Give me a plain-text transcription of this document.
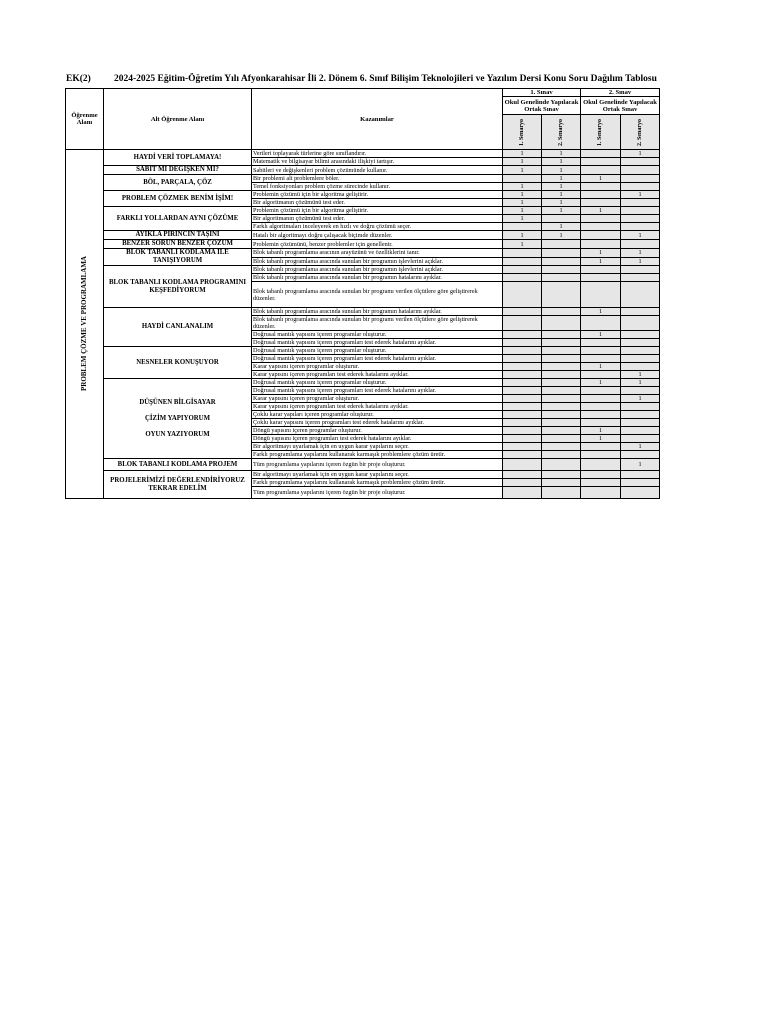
EK(2) 2024-2025 Eğitim-Öğretim Yılı Afyonkarahisar İli 2. Dönem 6. Sınıf Bilişim Teknolojileri ve Yazılım Dersi Konu Soru Dağılım Tablosu
Öğrenme Alanı	Alt Öğrenme Alanı	Kazanımlar	1. Sınav		2. Sınav	
			Okul Genelinde Yapılacak Ortak Sınav		Okul Genelinde Yapılacak Ortak Sınav	

			1. Senaryo	2. Senaryo	1. Senaryo	2. Senaryo

PROBLEM ÇÖZME VE PROGRAMLAMA	HAYDİ VERİ TOPLAMAYA!	Verileri toplayarak türlerine göre sınıflandırır.	1	1		1
		Matematik ve bilgisayar bilimi arasındaki ilişkiyi tartışır.	1	1		
	SABİT Mİ DEĞİŞKEN Mİ?	Sabitleri ve değişkenleri problem çözümünde kullanır.	1	1		
	BÖL, PARÇALA, ÇÖZ	Bir problemi alt problemlere böler.		1	1	
		Temel fonksiyonları problem çözme sürecinde kullanır.	1	1		
	PROBLEM ÇÖZMEK BENİM İŞİM!	Problemin çözümü için bir algoritma geliştirir.	1	1		1
		Bir algoritmanın çözümünü test eder.	1	1		
	FARKLI YOLLARDAN AYNI ÇÖZÜME	Problemin çözümü için bir algoritma geliştirir.	1	1	1	
		Bir algoritmanın çözümünü test eder.	1			
		Farklı algoritmaları inceleyerek en hızlı ve doğru çözümü seçer.		1		
	AYIKLA PİRİNCİN TAŞINI	Hatalı bir algoritmayı doğru çalışacak biçimde düzenler.	1	1		1
	BENZER SORUN BENZER ÇÖZÜM	Problemin çözümünü, benzer problemler için genellenir.	1			
	BLOK TABANLI KODLAMA İLE TANIŞIYORUM	Blok tabanlı programlama aracının arayüzünü ve özelliklerini tanır.			1	1
		Blok tabanlı programlama aracında sunulan bir programın işlevlerini açıklar.			1	1
	BLOK TABANLI KODLAMA PROGRAMINI KEŞFEDİYORUM	Blok tabanlı programlama aracında sunulan bir programın işlevlerini açıklar.				
		Blok tabanlı programlama aracında sunulan bir programın hatalarını ayıklar.				
		Blok tabanlı programlama aracında sunulan bir programı verilen ölçütlere göre geliştirerek düzenler.				
	HAYDİ CANLANALIM	Blok tabanlı programlama aracında sunulan bir programın hatalarını ayıklar.			1	
		Blok tabanlı programlama aracında sunulan bir programı verilen ölçütlere göre geliştirerek düzenler.				
		Doğrusal mantık yapısını içeren programlar oluşturur.			1	
		Doğrusal mantık yapısını içeren programları test ederek hatalarını ayıklar.				
	NESNELER KONUŞUYOR	Doğrusal mantık yapısını içeren programlar oluşturur.				
		Doğrusal mantık yapısını içeren programları test ederek hatalarını ayıklar.				
		Karar yapısını içeren programlar oluşturur.			1	
		Karar yapısını içeren programları test ederek hatalarını ayıklar.				1
	DÜŞÜNEN BİLGİSAYAR

ÇİZİM YAPIYORUM

OYUN YAZIYORUM	Doğrusal mantık yapısını içeren programlar oluşturur.			1	1
		Doğrusal mantık yapısını içeren programları test ederek hatalarını ayıklar.				
		Karar yapısını içeren programlar oluşturur.				1
		Karar yapısını içeren programları test ederek hatalarını ayıklar.				
		Çoklu karar yapıları içeren programlar oluşturur.				
		Çoklu karar yapısını içeren programları test ederek hatalarını ayıklar.				
		Döngü yapısını içeren programlar oluşturur.			1	
		Döngü yapısını içeren programları test ederek hatalarını ayıklar.			1	
		Bir algoritmayı uyarlamak için en uygun karar yapılarını seçer.				1
		Farklı programlama yapılarını kullanarak karmaşık problemlere çözüm üretir.				
	BLOK TABANLI KODLAMA PROJEM	Tüm programlama yapılarını içeren özgün bir proje oluşturur.				1
	PROJELERİMİZİ DEĞERLENDİRİYORUZ TEKRAR EDELİM	Bir algoritmayı uyarlamak için en uygun karar yapılarını seçer.				
		Farklı programlama yapılarını kullanarak karmaşık problemlere çözüm üretir.				
		Tüm programlama yapılarını içeren özgün bir proje oluşturur.				
